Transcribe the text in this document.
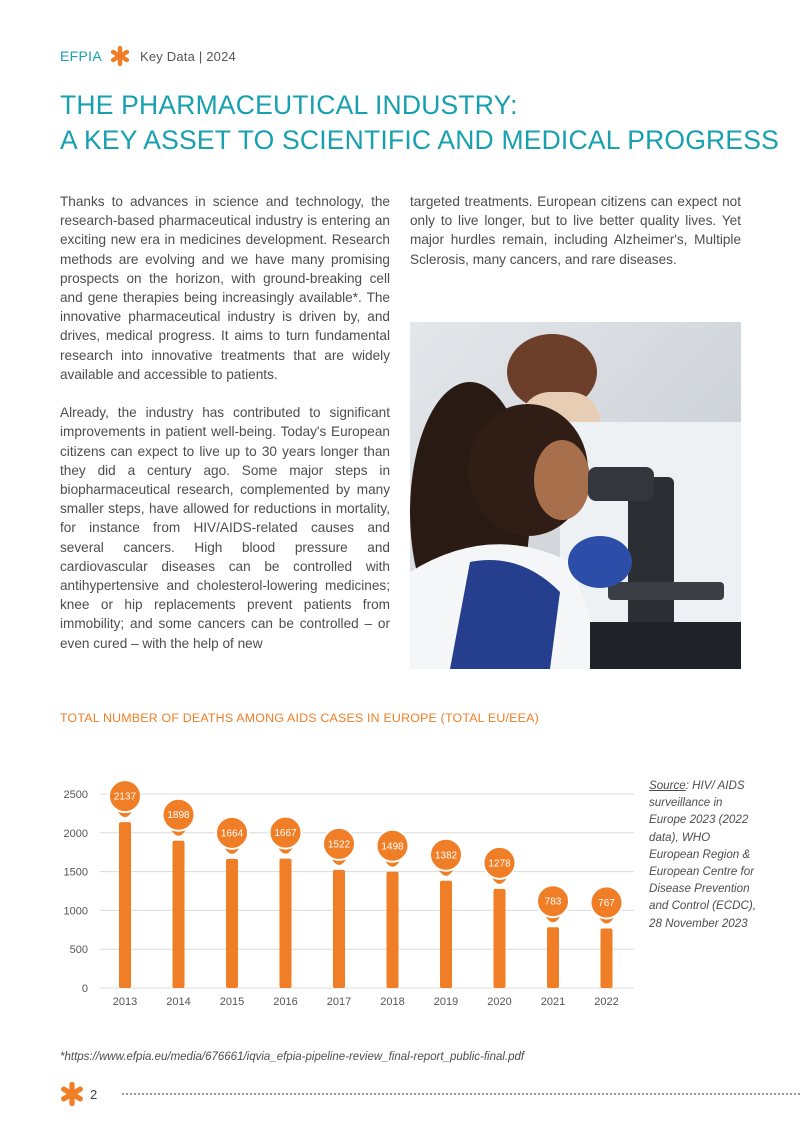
EFPIA	Key Data | 2024
THE PHARMACEUTICAL INDUSTRY:
A KEY ASSET TO SCIENTIFIC AND MEDICAL PROGRESS

Thanks to advances in science and technology, the research-based pharmaceutical industry is entering an exciting new era in medicines development. Research methods are evolving and we have many promising prospects on the horizon, with ground-breaking cell and gene therapies being increasingly available*. The innovative pharmaceutical industry is driven by, and drives, medical progress. It aims to turn fundamental research into innovative treatments that are widely available and accessible to patients.

Already, the industry has contributed to significant improvements in patient well-being. Today's European citizens can expect to live up to 30 years longer than they did a century ago. Some major steps in biopharmaceutical research, complemented by many smaller steps, have allowed for reductions in mortality, for instance from HIV/AIDS-related causes and several cancers. High blood pressure and cardiovascular diseases can be controlled with antihypertensive and cholesterol-lowering medicines; knee or hip replacements prevent patients from immobility; and some cancers can be controlled – or even cured – with the help of new

targeted treatments. European citizens can expect not only to live longer, but to live better quality lives. Yet major hurdles remain, including Alzheimer's, Multiple Sclerosis, many cancers, and rare diseases.

TOTAL NUMBER OF DEATHS AMONG AIDS CASES IN EUROPE (TOTAL EU/EEA)
0
500
1000
1500
2000
2500	2137
2013
1898
2014
1664
2015
1667
2016
1522
2017
1498
2018
1382
2019
1278
2020
783
2021
767
2022
Source: HIV/ AIDS surveillance in Europe 2023 (2022 data), WHO European Region & European Centre for Disease Prevention and Control (ECDC), 28 November 2023
*https://www.efpia.eu/media/676661/iqvia_efpia-pipeline-review_final-report_public-final.pdf
2
